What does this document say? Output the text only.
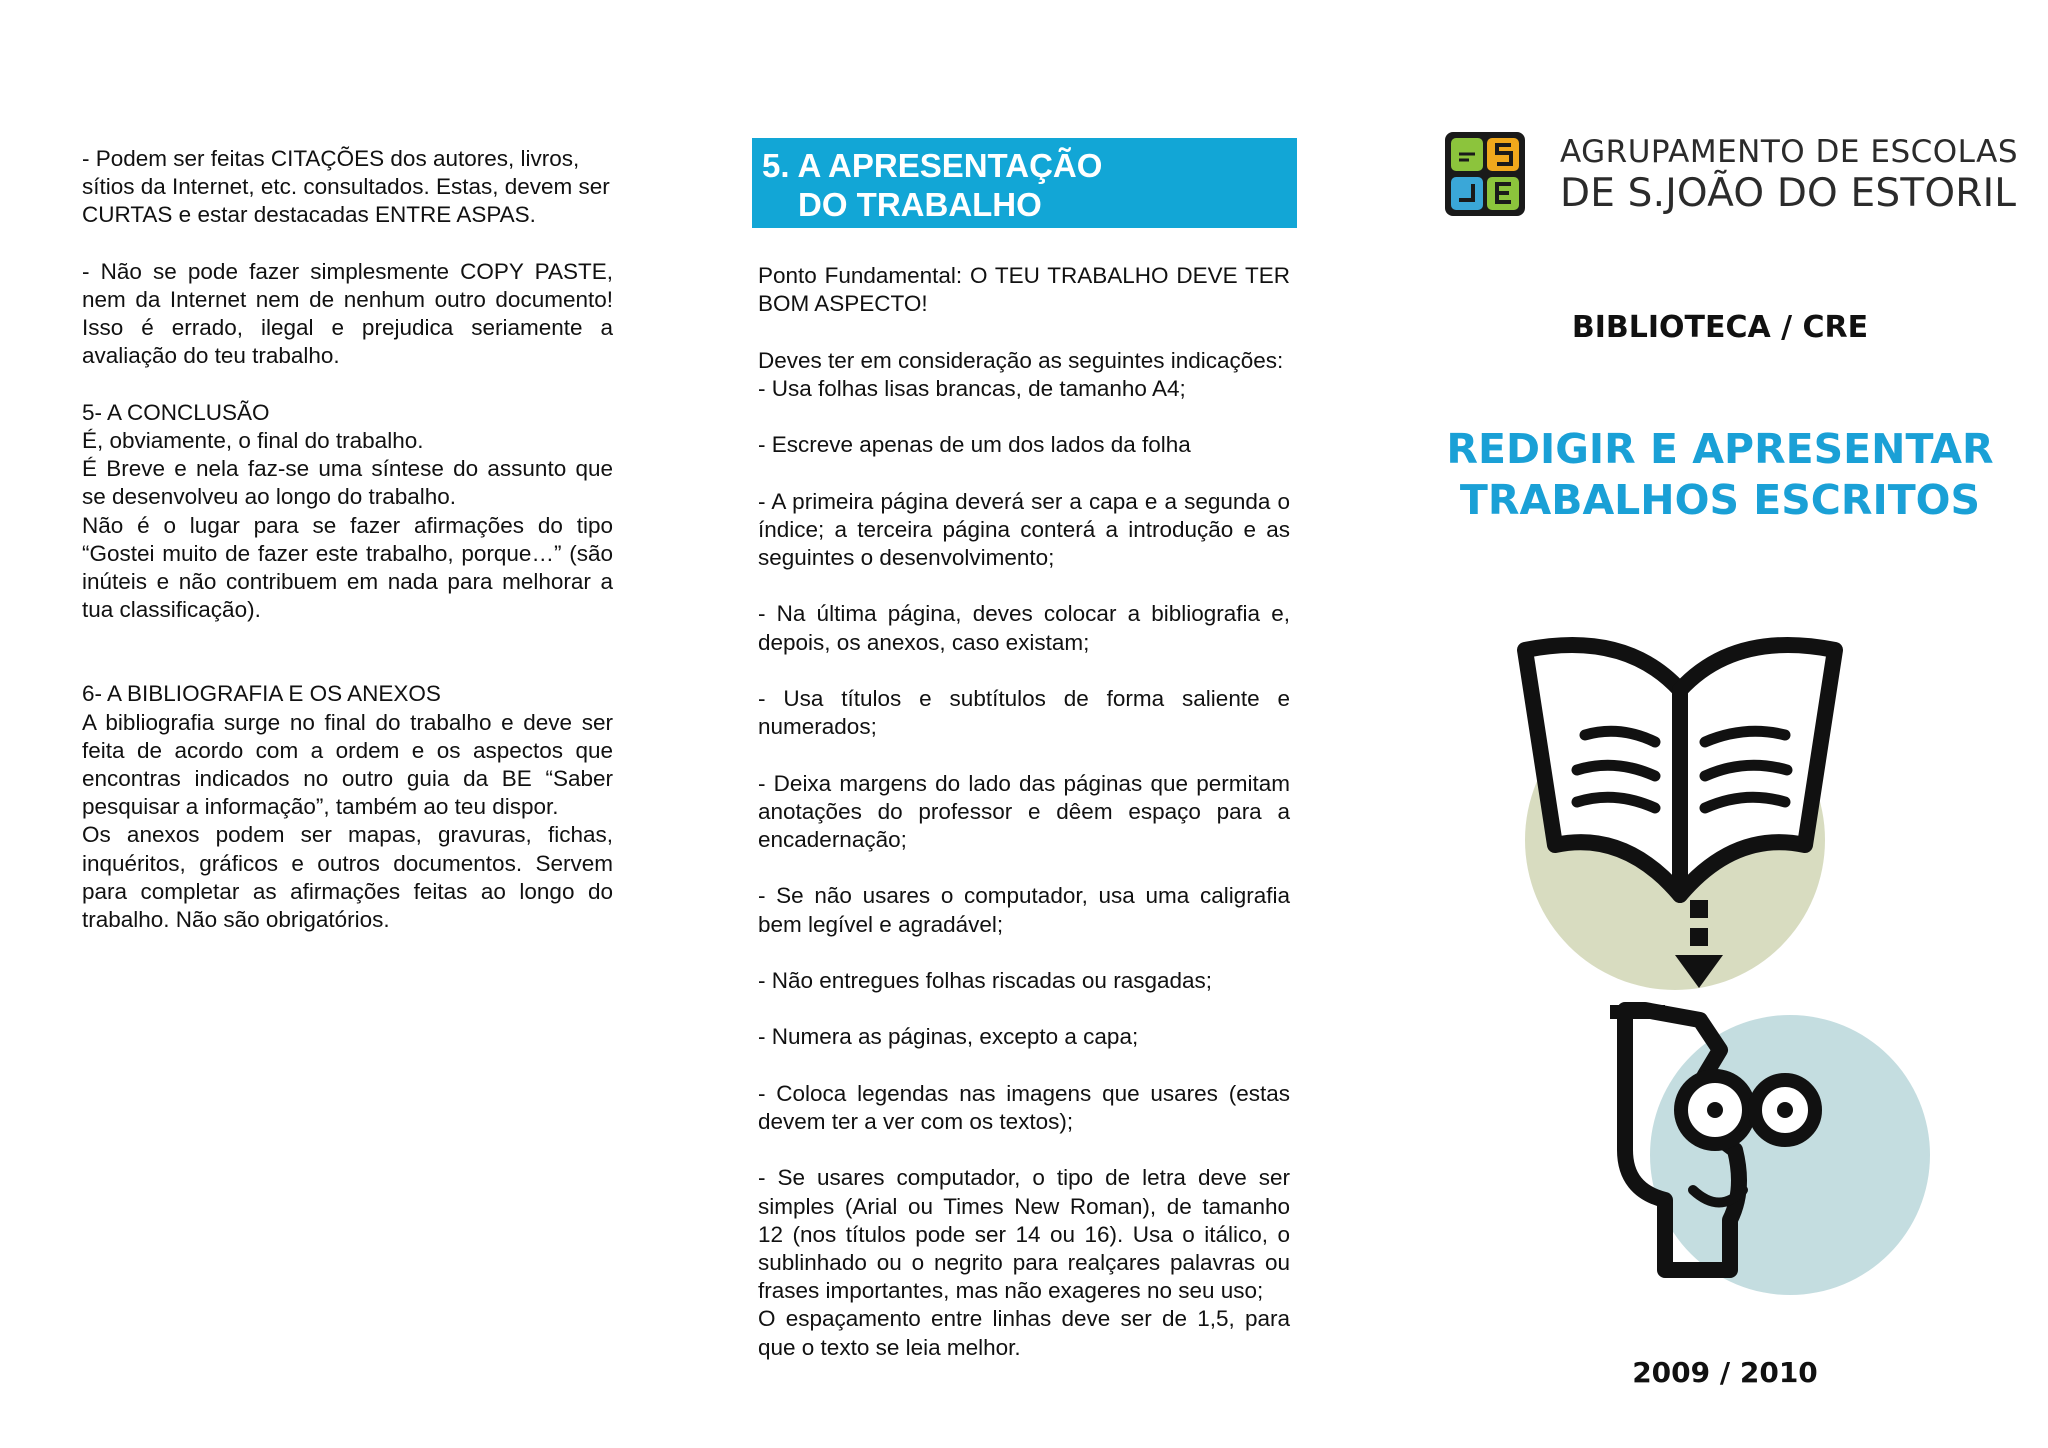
- Podem ser feitas CITAÇÕES dos autores, livros, sítios da Internet, etc. consultados. Estas, devem ser CURTAS e estar destacadas ENTRE ASPAS.

- Não se pode fazer simplesmente COPY PASTE, nem da Internet nem de nenhum outro documento! Isso é errado, ilegal e prejudica seriamente a avaliação do teu trabalho.

5- A CONCLUSÃO

É, obviamente, o final do trabalho.

É Breve e nela faz-se uma síntese do assunto que se desenvolveu ao longo do trabalho.

Não é o lugar para se fazer afirmações do tipo “Gostei muito de fazer este trabalho, porque…” (são inúteis e não contribuem em nada para melhorar a tua classificação).

6- A BIBLIOGRAFIA E OS ANEXOS

A bibliografia surge no final do trabalho e deve ser feita de acordo com a ordem e os aspectos que encontras indicados no outro guia da BE “Saber pesquisar a informação”, também ao teu dispor.

Os anexos podem ser mapas, gravuras, fichas, inquéritos, gráficos e outros documentos. Servem para completar as afirmações feitas ao longo do trabalho. Não são obrigatórios.

5. A APRESENTAÇÃO
DO TRABALHO

Ponto Fundamental: O TEU TRABALHO DEVE TER BOM ASPECTO!

Deves ter em consideração as seguintes indicações:

- Usa folhas lisas brancas, de tamanho A4;

- Escreve apenas de um dos lados da folha

- A primeira página deverá ser a capa e a segunda o índice; a terceira página conterá a introdução e as seguintes o desenvolvimento;

- Na última página, deves colocar a bibliografia e, depois, os anexos, caso existam;

- Usa títulos e subtítulos de forma saliente e numerados;

- Deixa margens do lado das páginas que permitam anotações do professor e dêem espaço para a encadernação;

- Se não usares o computador, usa uma caligrafia bem legível e agradável;

- Não entregues folhas riscadas ou rasgadas;

- Numera as páginas, excepto a capa;

- Coloca legendas nas imagens que usares (estas devem ter a ver com os textos);

- Se usares computador, o tipo de letra deve ser simples (Arial ou Times New Roman), de tamanho 12 (nos títulos pode ser 14 ou 16). Usa o itálico, o sublinhado ou o negrito para realçares palavras ou frases importantes, mas não exageres no seu uso;

O espaçamento entre linhas deve ser de 1,5, para que o texto se leia melhor.

AGRUPAMENTO DE ESCOLAS
DE S.JOÃO DO ESTORIL
BIBLIOTECA / CRE
REDIGIR E APRESENTAR
TRABALHOS ESCRITOS
2009 / 2010
